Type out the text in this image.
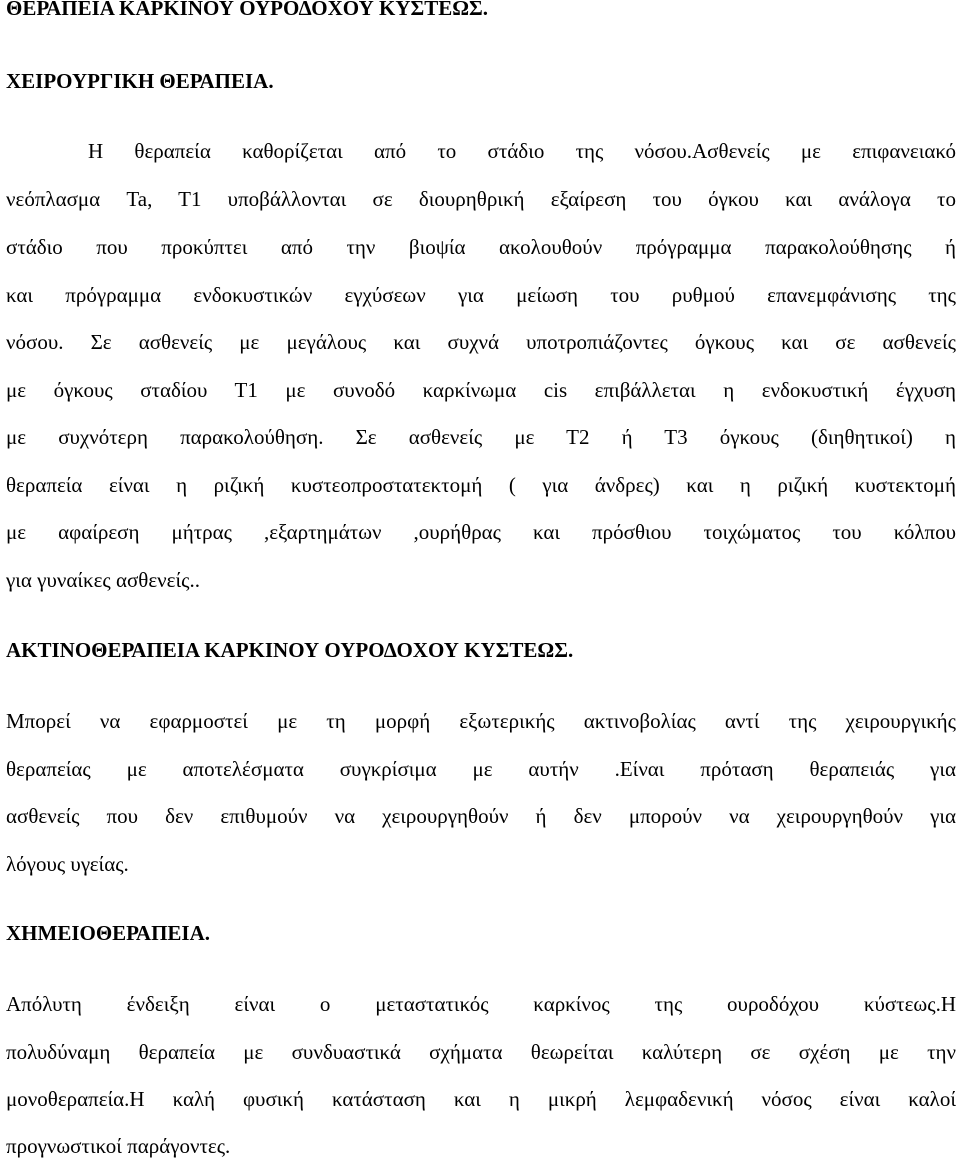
ΘΕΡΑΠΕΙΑ ΚΑΡΚΙΝΟΥ ΟΥΡΟΔΟΧΟΥ ΚΥΣΤΕΩΣ.
ΧΕΙΡΟΥΡΓΙΚΗ ΘΕΡΑΠΕΙΑ.
Η θεραπεία καθορίζεται από το στάδιο της νόσου.Ασθενείς με επιφανειακό
νεόπλασμα Ta, T1 υποβάλλονται σε διουρηθρική εξαίρεση του όγκου και ανάλογα το
στάδιο που προκύπτει από την βιοψία ακολουθούν πρόγραμμα παρακολούθησης ή
και πρόγραμμα ενδοκυστικών εγχύσεων για μείωση του ρυθμού επανεμφάνισης της
νόσου. Σε ασθενείς με μεγάλους και συχνά υποτροπιάζοντες όγκους και σε ασθενείς
με όγκους σταδίου Τ1 με συνοδό καρκίνωμα cis επιβάλλεται η ενδοκυστική έγχυση
με συχνότερη παρακολούθηση. Σε ασθενείς με Τ2 ή Τ3 όγκους (διηθητικοί) η
θεραπεία είναι η ριζική κυστεοπροστατεκτομή ( για άνδρες) και η ριζική κυστεκτομή
με αφαίρεση μήτρας ,εξαρτημάτων ,ουρήθρας και πρόσθιου τοιχώματος του κόλπου
για γυναίκες ασθενείς..
ΑΚΤΙΝΟΘΕΡΑΠΕΙΑ ΚΑΡΚΙΝΟΥ ΟΥΡΟΔΟΧΟΥ ΚΥΣΤΕΩΣ.
Μπορεί να εφαρμοστεί με τη μορφή εξωτερικής ακτινοβολίας αντί της χειρουργικής
θεραπείας με αποτελέσματα συγκρίσιμα με αυτήν .Είναι πρόταση θεραπειάς για
ασθενείς που δεν επιθυμούν να χειρουργηθούν ή δεν μπορούν να χειρουργηθούν για
λόγους υγείας.
ΧΗΜΕΙΟΘΕΡΑΠΕΙΑ.
Απόλυτη ένδειξη είναι ο μεταστατικός καρκίνος της ουροδόχου κύστεως.Η
πολυδύναμη θεραπεία με συνδυαστικά σχήματα θεωρείται καλύτερη σε σχέση με την
μονοθεραπεία.Η καλή φυσική κατάσταση και η μικρή λεμφαδενική νόσος είναι καλοί
προγνωστικοί παράγοντες.
